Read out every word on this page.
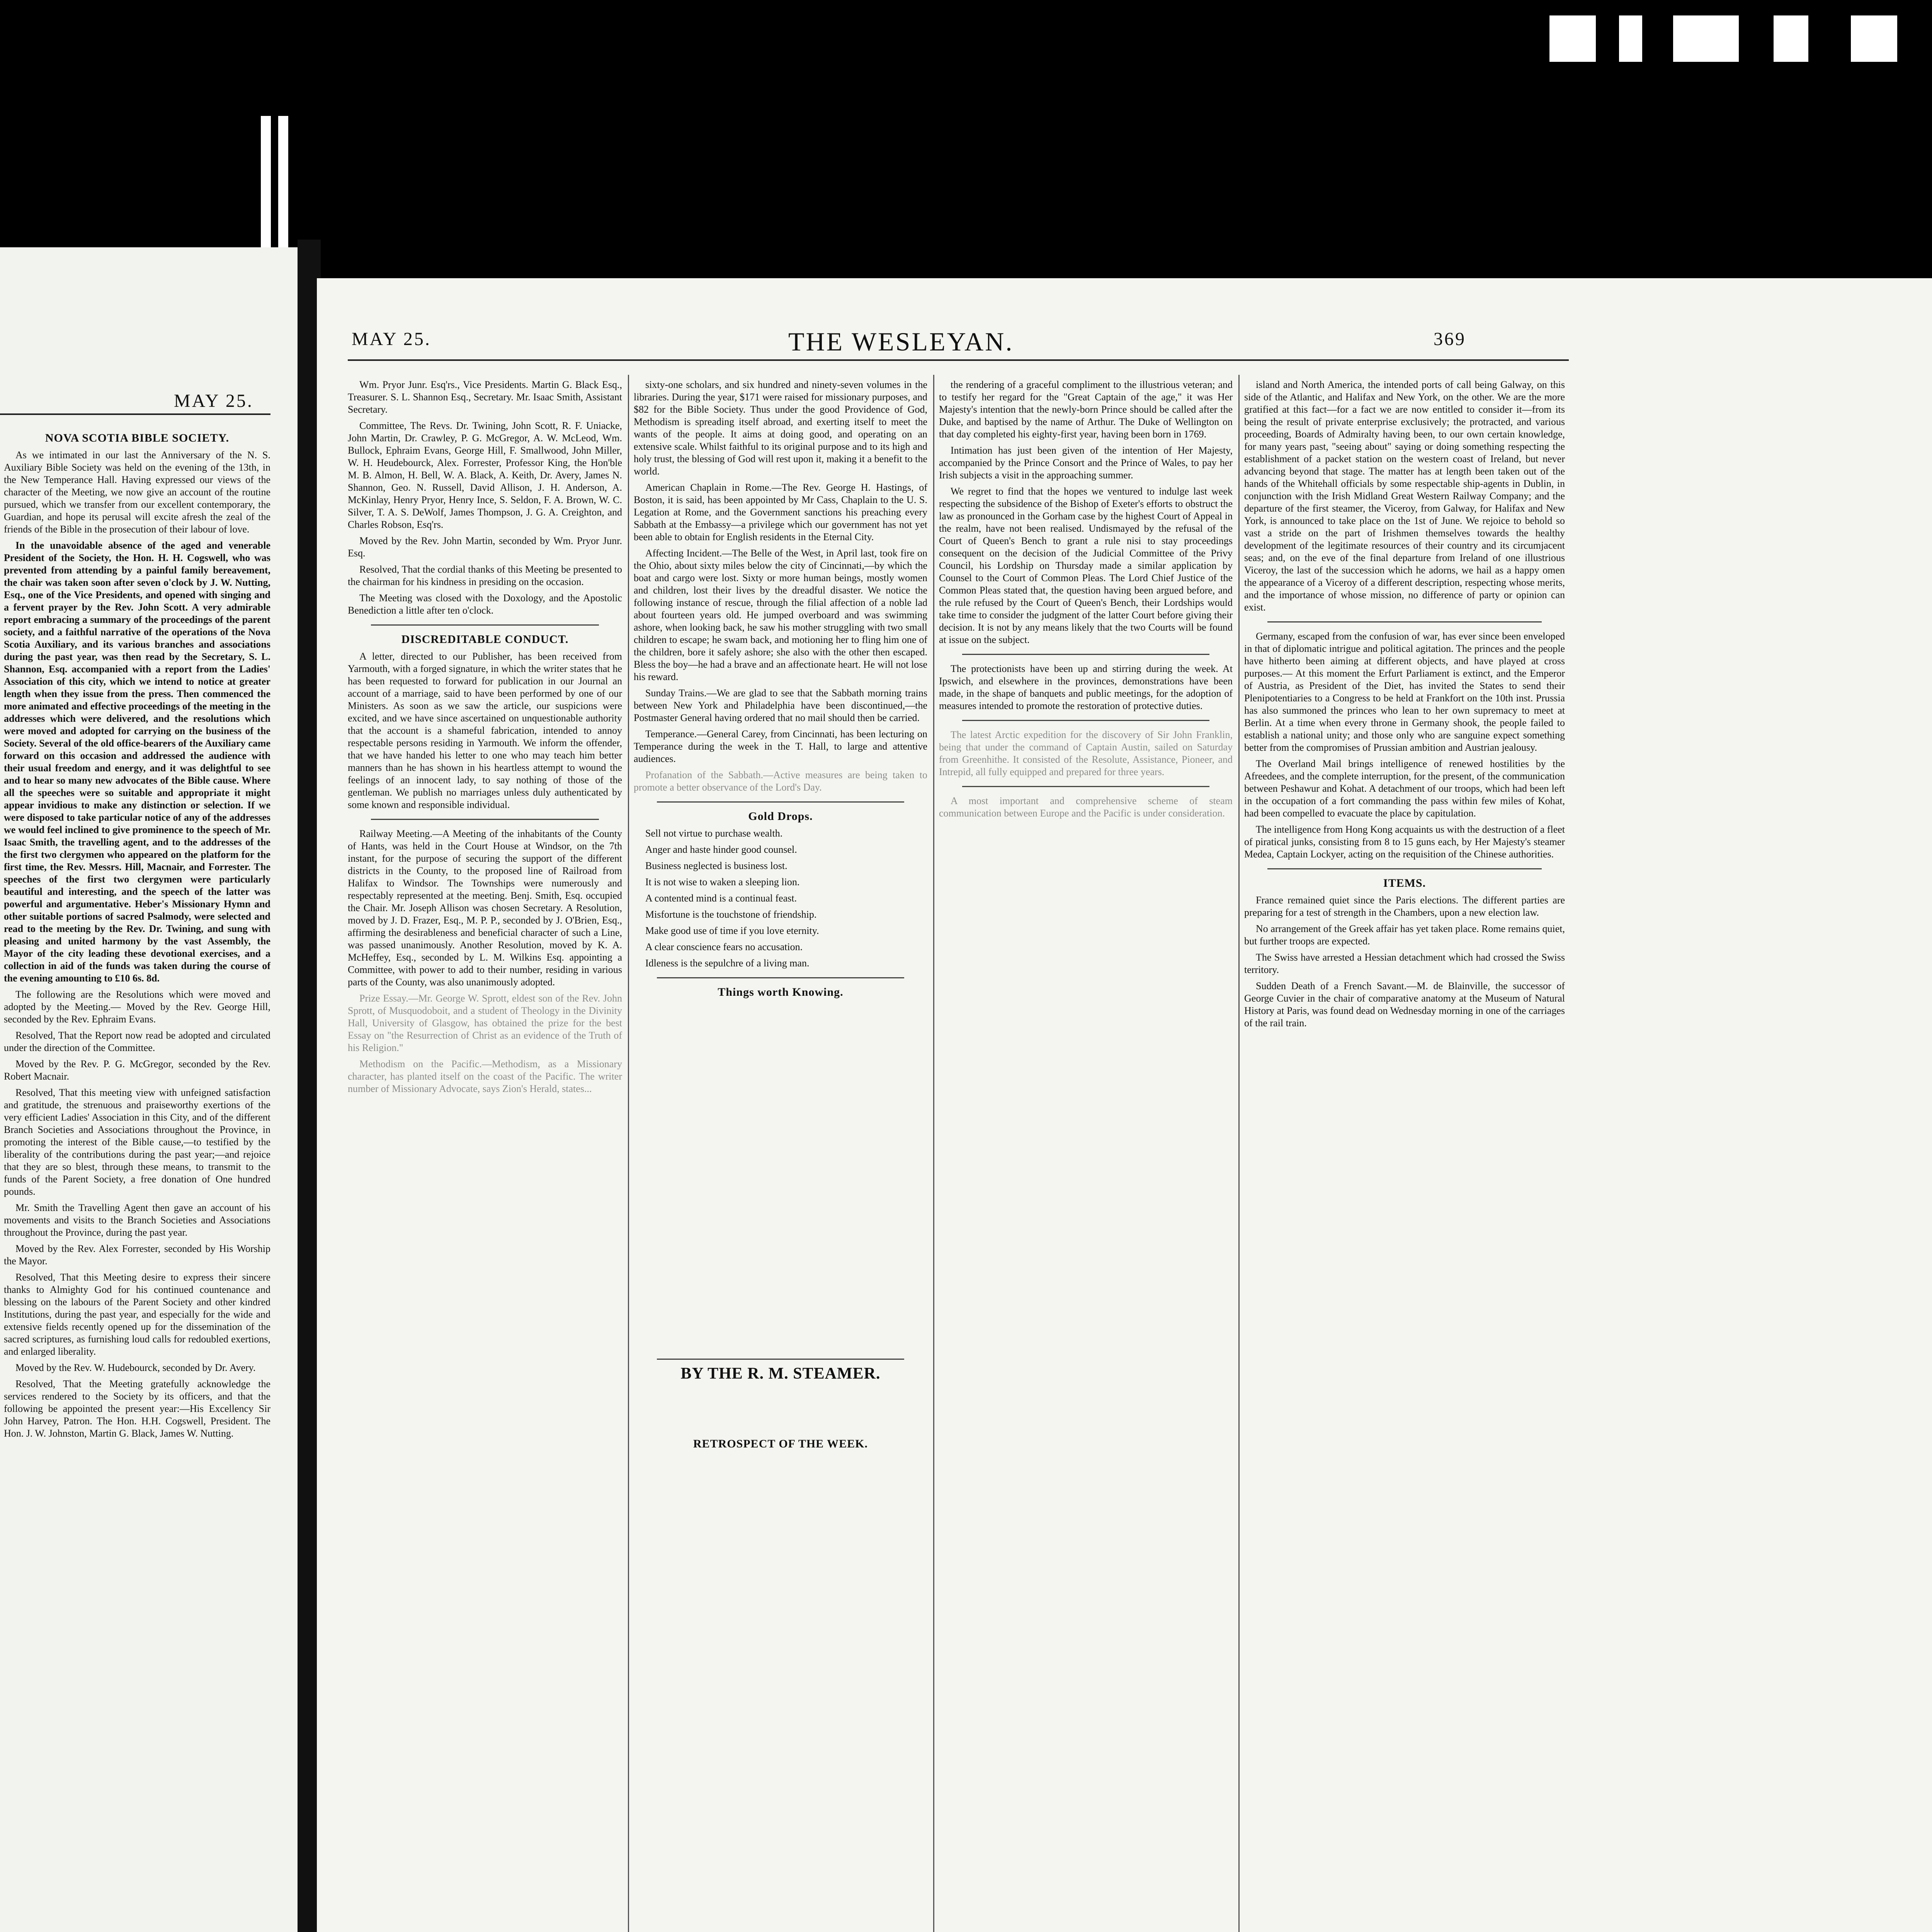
MAY 25.
NOVA SCOTIA BIBLE SOCIETY.

As we intimated in our last the Anniversary of the N. S. Auxiliary Bible Society was held on the evening of the 13th, in the New Temperance Hall. Having expressed our views of the character of the Meeting, we now give an account of the routine pursued, which we transfer from our excellent contemporary, the Guardian, and hope its perusal will excite afresh the zeal of the friends of the Bible in the prosecution of their labour of love.

In the unavoidable absence of the aged and venerable President of the Society, the Hon. H. H. Cogswell, who was prevented from attending by a painful family bereavement, the chair was taken soon after seven o'clock by J. W. Nutting, Esq., one of the Vice Presidents, and opened with singing and a fervent prayer by the Rev. John Scott. A very admirable report embracing a summary of the proceedings of the parent society, and a faithful narrative of the operations of the Nova Scotia Auxiliary, and its various branches and associations during the past year, was then read by the Secretary, S. L. Shannon, Esq. accompanied with a report from the Ladies' Association of this city, which we intend to notice at greater length when they issue from the press. Then commenced the more animated and effective proceedings of the meeting in the addresses which were delivered, and the resolutions which were moved and adopted for carrying on the business of the Society. Several of the old office-bearers of the Auxiliary came forward on this occasion and addressed the audience with their usual freedom and energy, and it was delightful to see and to hear so many new advocates of the Bible cause. Where all the speeches were so suitable and appropriate it might appear invidious to make any distinction or selection. If we were disposed to take particular notice of any of the addresses we would feel inclined to give prominence to the speech of Mr. Isaac Smith, the travelling agent, and to the addresses of the the first two clergymen who appeared on the platform for the first time, the Rev. Messrs. Hill, Macnair, and Forrester. The speeches of the first two clergymen were particularly beautiful and interesting, and the speech of the latter was powerful and argumentative. Heber's Missionary Hymn and other suitable portions of sacred Psalmody, were selected and read to the meeting by the Rev. Dr. Twining, and sung with pleasing and united harmony by the vast Assembly, the Mayor of the city leading these devotional exercises, and a collection in aid of the funds was taken during the course of the evening amounting to £10 6s. 8d.

The following are the Resolutions which were moved and adopted by the Meeting.— Moved by the Rev. George Hill, seconded by the Rev. Ephraim Evans.

Resolved, That the Report now read be adopted and circulated under the direction of the Committee.

Moved by the Rev. P. G. McGregor, seconded by the Rev. Robert Macnair.

Resolved, That this meeting view with unfeigned satisfaction and gratitude, the strenuous and praiseworthy exertions of the very efficient Ladies' Association in this City, and of the different Branch Societies and Associations throughout the Province, in promoting the interest of the Bible cause,—to testified by the liberality of the contributions during the past year;—and rejoice that they are so blest, through these means, to transmit to the funds of the Parent Society, a free donation of One hundred pounds.

Mr. Smith the Travelling Agent then gave an account of his movements and visits to the Branch Societies and Associations throughout the Province, during the past year.

Moved by the Rev. Alex Forrester, seconded by His Worship the Mayor.

Resolved, That this Meeting desire to express their sincere thanks to Almighty God for his continued countenance and blessing on the labours of the Parent Society and other kindred Institutions, during the past year, and especially for the wide and extensive fields recently opened up for the dissemination of the sacred scriptures, as furnishing loud calls for redoubled exertions, and enlarged liberality.

Moved by the Rev. W. Hudebourck, seconded by Dr. Avery.

Resolved, That the Meeting gratefully acknowledge the services rendered to the Society by its officers, and that the following be appointed the present year:—His Excellency Sir John Harvey, Patron. The Hon. H.H. Cogswell, President. The Hon. J. W. Johnston, Martin G. Black, James W. Nutting.

MAY 25.	THE WESLEYAN.	369

Wm. Pryor Junr. Esq'rs., Vice Presidents. Martin G. Black Esq., Treasurer. S. L. Shannon Esq., Secretary. Mr. Isaac Smith, Assistant Secretary.

Committee, The Revs. Dr. Twining, John Scott, R. F. Uniacke, John Martin, Dr. Crawley, P. G. McGregor, A. W. McLeod, Wm. Bullock, Ephraim Evans, George Hill, F. Smallwood, John Miller, W. H. Heudebourck, Alex. Forrester, Professor King, the Hon'ble M. B. Almon, H. Bell, W. A. Black, A. Keith, Dr. Avery, James N. Shannon, Geo. N. Russell, David Allison, J. H. Anderson, A. McKinlay, Henry Pryor, Henry Ince, S. Seldon, F. A. Brown, W. C. Silver, T. A. S. DeWolf, James Thompson, J. G. A. Creighton, and Charles Robson, Esq'rs.

Moved by the Rev. John Martin, seconded by Wm. Pryor Junr. Esq.

Resolved, That the cordial thanks of this Meeting be presented to the chairman for his kindness in presiding on the occasion.

The Meeting was closed with the Doxology, and the Apostolic Benediction a little after ten o'clock.

DISCREDITABLE CONDUCT.

A letter, directed to our Publisher, has been received from Yarmouth, with a forged signature, in which the writer states that he has been requested to forward for publication in our Journal an account of a marriage, said to have been performed by one of our Ministers. As soon as we saw the article, our suspicions were excited, and we have since ascertained on unquestionable authority that the account is a shameful fabrication, intended to annoy respectable persons residing in Yarmouth. We inform the offender, that we have handed his letter to one who may teach him better manners than he has shown in his heartless attempt to wound the feelings of an innocent lady, to say nothing of those of the gentleman. We publish no marriages unless duly authenticated by some known and responsible individual.

Railway Meeting.—A Meeting of the inhabitants of the County of Hants, was held in the Court House at Windsor, on the 7th instant, for the purpose of securing the support of the different districts in the County, to the proposed line of Railroad from Halifax to Windsor. The Townships were numerously and respectably represented at the meeting. Benj. Smith, Esq. occupied the Chair. Mr. Joseph Allison was chosen Secretary. A Resolution, moved by J. D. Frazer, Esq., M. P. P., seconded by J. O'Brien, Esq., affirming the desirableness and beneficial character of such a Line, was passed unanimously. Another Resolution, moved by K. A. McHeffey, Esq., seconded by L. M. Wilkins Esq. appointing a Committee, with power to add to their number, residing in various parts of the County, was also unanimously adopted.

Prize Essay.—Mr. George W. Sprott, eldest son of the Rev. John Sprott, of Musquodoboit, and a student of Theology in the Divinity Hall, University of Glasgow, has obtained the prize for the best Essay on "the Resurrection of Christ as an evidence of the Truth of his Religion."

Methodism on the Pacific.—Methodism, as a Missionary character, has planted itself on the coast of the Pacific. The writer number of Missionary Advocate, says Zion's Herald, states...

sixty-one scholars, and six hundred and ninety-seven volumes in the libraries. During the year, $171 were raised for missionary purposes, and $82 for the Bible Society. Thus under the good Providence of God, Methodism is spreading itself abroad, and exerting itself to meet the wants of the people. It aims at doing good, and operating on an extensive scale. Whilst faithful to its original purpose and to its high and holy trust, the blessing of God will rest upon it, making it a benefit to the world.

American Chaplain in Rome.—The Rev. George H. Hastings, of Boston, it is said, has been appointed by Mr Cass, Chaplain to the U. S. Legation at Rome, and the Government sanctions his preaching every Sabbath at the Embassy—a privilege which our government has not yet been able to obtain for English residents in the Eternal City.

Affecting Incident.—The Belle of the West, in April last, took fire on the Ohio, about sixty miles below the city of Cincinnati,—by which the boat and cargo were lost. Sixty or more human beings, mostly women and children, lost their lives by the dreadful disaster. We notice the following instance of rescue, through the filial affection of a noble lad about fourteen years old. He jumped overboard and was swimming ashore, when looking back, he saw his mother struggling with two small children to escape; he swam back, and motioning her to fling him one of the children, bore it safely ashore; she also with the other then escaped. Bless the boy—he had a brave and an affectionate heart. He will not lose his reward.

Sunday Trains.—We are glad to see that the Sabbath morning trains between New York and Philadelphia have been discontinued,—the Postmaster General having ordered that no mail should then be carried.

Temperance.—General Carey, from Cincinnati, has been lecturing on Temperance during the week in the T. Hall, to large and attentive audiences.

Profanation of the Sabbath.—Active measures are being taken to promote a better observance of the Lord's Day.

Gold Drops.

Sell not virtue to purchase wealth.

Anger and haste hinder good counsel.

Business neglected is business lost.

It is not wise to waken a sleeping lion.

A contented mind is a continual feast.

Misfortune is the touchstone of friendship.

Make good use of time if you love eternity.

A clear conscience fears no accusation.

Idleness is the sepulchre of a living man.

Things worth Knowing.
BY THE R. M. STEAMER.
RETROSPECT OF THE WEEK.

the rendering of a graceful compliment to the illustrious veteran; and to testify her regard for the "Great Captain of the age," it was Her Majesty's intention that the newly-born Prince should be called after the Duke, and baptised by the name of Arthur. The Duke of Wellington on that day completed his eighty-first year, having been born in 1769.

Intimation has just been given of the intention of Her Majesty, accompanied by the Prince Consort and the Prince of Wales, to pay her Irish subjects a visit in the approaching summer.

We regret to find that the hopes we ventured to indulge last week respecting the subsidence of the Bishop of Exeter's efforts to obstruct the law as pronounced in the Gorham case by the highest Court of Appeal in the realm, have not been realised. Undismayed by the refusal of the Court of Queen's Bench to grant a rule nisi to stay proceedings consequent on the decision of the Judicial Committee of the Privy Council, his Lordship on Thursday made a similar application by Counsel to the Court of Common Pleas. The Lord Chief Justice of the Common Pleas stated that, the question having been argued before, and the rule refused by the Court of Queen's Bench, their Lordships would take time to consider the judgment of the latter Court before giving their decision. It is not by any means likely that the two Courts will be found at issue on the subject.

The protectionists have been up and stirring during the week. At Ipswich, and elsewhere in the provinces, demonstrations have been made, in the shape of banquets and public meetings, for the adoption of measures intended to promote the restoration of protective duties.

The latest Arctic expedition for the discovery of Sir John Franklin, being that under the command of Captain Austin, sailed on Saturday from Greenhithe. It consisted of the Resolute, Assistance, Pioneer, and Intrepid, all fully equipped and prepared for three years.

A most important and comprehensive scheme of steam communication between Europe and the Pacific is under consideration.

island and North America, the intended ports of call being Galway, on this side of the Atlantic, and Halifax and New York, on the other. We are the more gratified at this fact—for a fact we are now entitled to consider it—from its being the result of private enterprise exclusively; the protracted, and various proceeding, Boards of Admiralty having been, to our own certain knowledge, for many years past, "seeing about" saying or doing something respecting the establishment of a packet station on the western coast of Ireland, but never advancing beyond that stage. The matter has at length been taken out of the hands of the Whitehall officials by some respectable ship-agents in Dublin, in conjunction with the Irish Midland Great Western Railway Company; and the departure of the first steamer, the Viceroy, from Galway, for Halifax and New York, is announced to take place on the 1st of June. We rejoice to behold so vast a stride on the part of Irishmen themselves towards the healthy development of the legitimate resources of their country and its circumjacent seas; and, on the eve of the final departure from Ireland of one illustrious Viceroy, the last of the succession which he adorns, we hail as a happy omen the appearance of a Viceroy of a different description, respecting whose merits, and the importance of whose mission, no difference of party or opinion can exist.

Germany, escaped from the confusion of war, has ever since been enveloped in that of diplomatic intrigue and political agitation. The princes and the people have hitherto been aiming at different objects, and have played at cross purposes.— At this moment the Erfurt Parliament is extinct, and the Emperor of Austria, as President of the Diet, has invited the States to send their Plenipotentiaries to a Congress to be held at Frankfort on the 10th inst. Prussia has also summoned the princes who lean to her own supremacy to meet at Berlin. At a time when every throne in Germany shook, the people failed to establish a national unity; and those only who are sanguine expect something better from the compromises of Prussian ambition and Austrian jealousy.

The Overland Mail brings intelligence of renewed hostilities by the Afreedees, and the complete interruption, for the present, of the communication between Peshawur and Kohat. A detachment of our troops, which had been left in the occupation of a fort commanding the pass within few miles of Kohat, had been compelled to evacuate the place by capitulation.

The intelligence from Hong Kong acquaints us with the destruction of a fleet of piratical junks, consisting from 8 to 15 guns each, by Her Majesty's steamer Medea, Captain Lockyer, acting on the requisition of the Chinese authorities.

ITEMS.

France remained quiet since the Paris elections. The different parties are preparing for a test of strength in the Chambers, upon a new election law.

No arrangement of the Greek affair has yet taken place. Rome remains quiet, but further troops are expected.

The Swiss have arrested a Hessian detachment which had crossed the Swiss territory.

Sudden Death of a French Savant.—M. de Blainville, the successor of George Cuvier in the chair of comparative anatomy at the Museum of Natural History at Paris, was found dead on Wednesday morning in one of the carriages of the rail train.
